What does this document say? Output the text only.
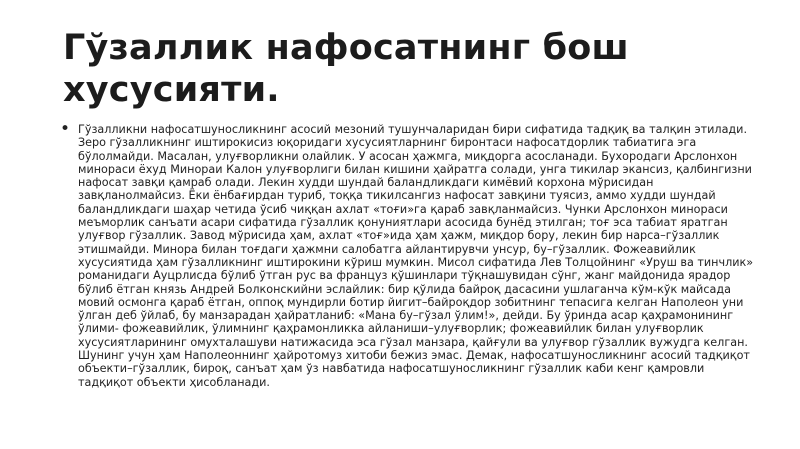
Гўзаллик нафосатнинг бош хусусияти.
• Гўзалликни нафосатшуносликнинг асосий мезоний тушунчаларидан бири сифатида тадқиқ ва талқин этилади. Зеро гўзалликнинг иштирокисиз юқоридаги хусусиятларнинг биронтаси нафосатдорлик табиатига эга бўлолмайди. Масалан, улуғворликни олайлик. У асосан ҳажмга, миқдорга асосланади. Бухородаги Арслонхон минораси ёхуд Минораи Калон улуғворлиги билан кишини ҳайратга солади, унга тикилар экансиз, қалбингизни нафосат завқи қамраб олади. Лекин худди шундай баландликдаги кимёвий корхона мўрисидан завқланолмайсиз. Ёки ёнбағирдан туриб, тоққа тикилсангиз нафосат завқини туясиз, аммо худди шундай баландликдаги шаҳар четида ўсиб чиққан ахлат «тоғи»га қараб завқланмайсиз. Чунки Арслонхон минораси меъморлик санъати асари сифатида гўзаллик қонуниятлари асосида бунёд этилган; тоғ эса табиат яратган улуғвор гўзаллик. Завод мўрисида ҳам, ахлат «тоғ»ида ҳам ҳажм, миқдор бору, лекин бир нарса–гўзаллик этишмайди. Минора билан тоғдаги ҳажмни салобатга айлантирувчи унсур, бу–гўзаллик. Фожеавийлик хусусиятида ҳам гўзалликнинг иштирокини кўриш мумкин. Мисол сифатида Лев Толцойнинг «Уруш ва тинчлик» романидаги Ауцрлисда бўлиб ўтган рус ва француз қўшинлари тўқнашувидан сўнг, жанг майдонида ярадор бўлиб ётган князь Андрей Болконскийни эслайлик: бир қўлида байроқ дасасини ушлаганча кўм-кўк майсада мовий осмонга қараб ётган, оппоқ мундирли ботир йигит–байроқдор зобитнинг тепасига келган Наполеон уни ўлган деб ўйлаб, бу манзарадан ҳайратланиб: «Мана бу–гўзал ўлим!», дейди. Бу ўринда асар қаҳрамонининг ўлими- фожеавийлик, ўлимнинг қаҳрамонликка айланиши–улуғворлик; фожеавийлик билан улуғворлик хусусиятларининг омухталашуви натижасида эса гўзал манзара, қайғули ва улуғвор гўзаллик вужудга келган. Шунинг учун ҳам Наполеоннинг ҳайротомуз хитоби бежиз эмас. Демак, нафосатшуносликнинг асосий тадқиқот объекти–гўзаллик, бироқ, санъат ҳам ўз навбатида нафосатшуносликнинг гўзаллик каби кенг қамровли тадқиқот объекти ҳисобланади.
